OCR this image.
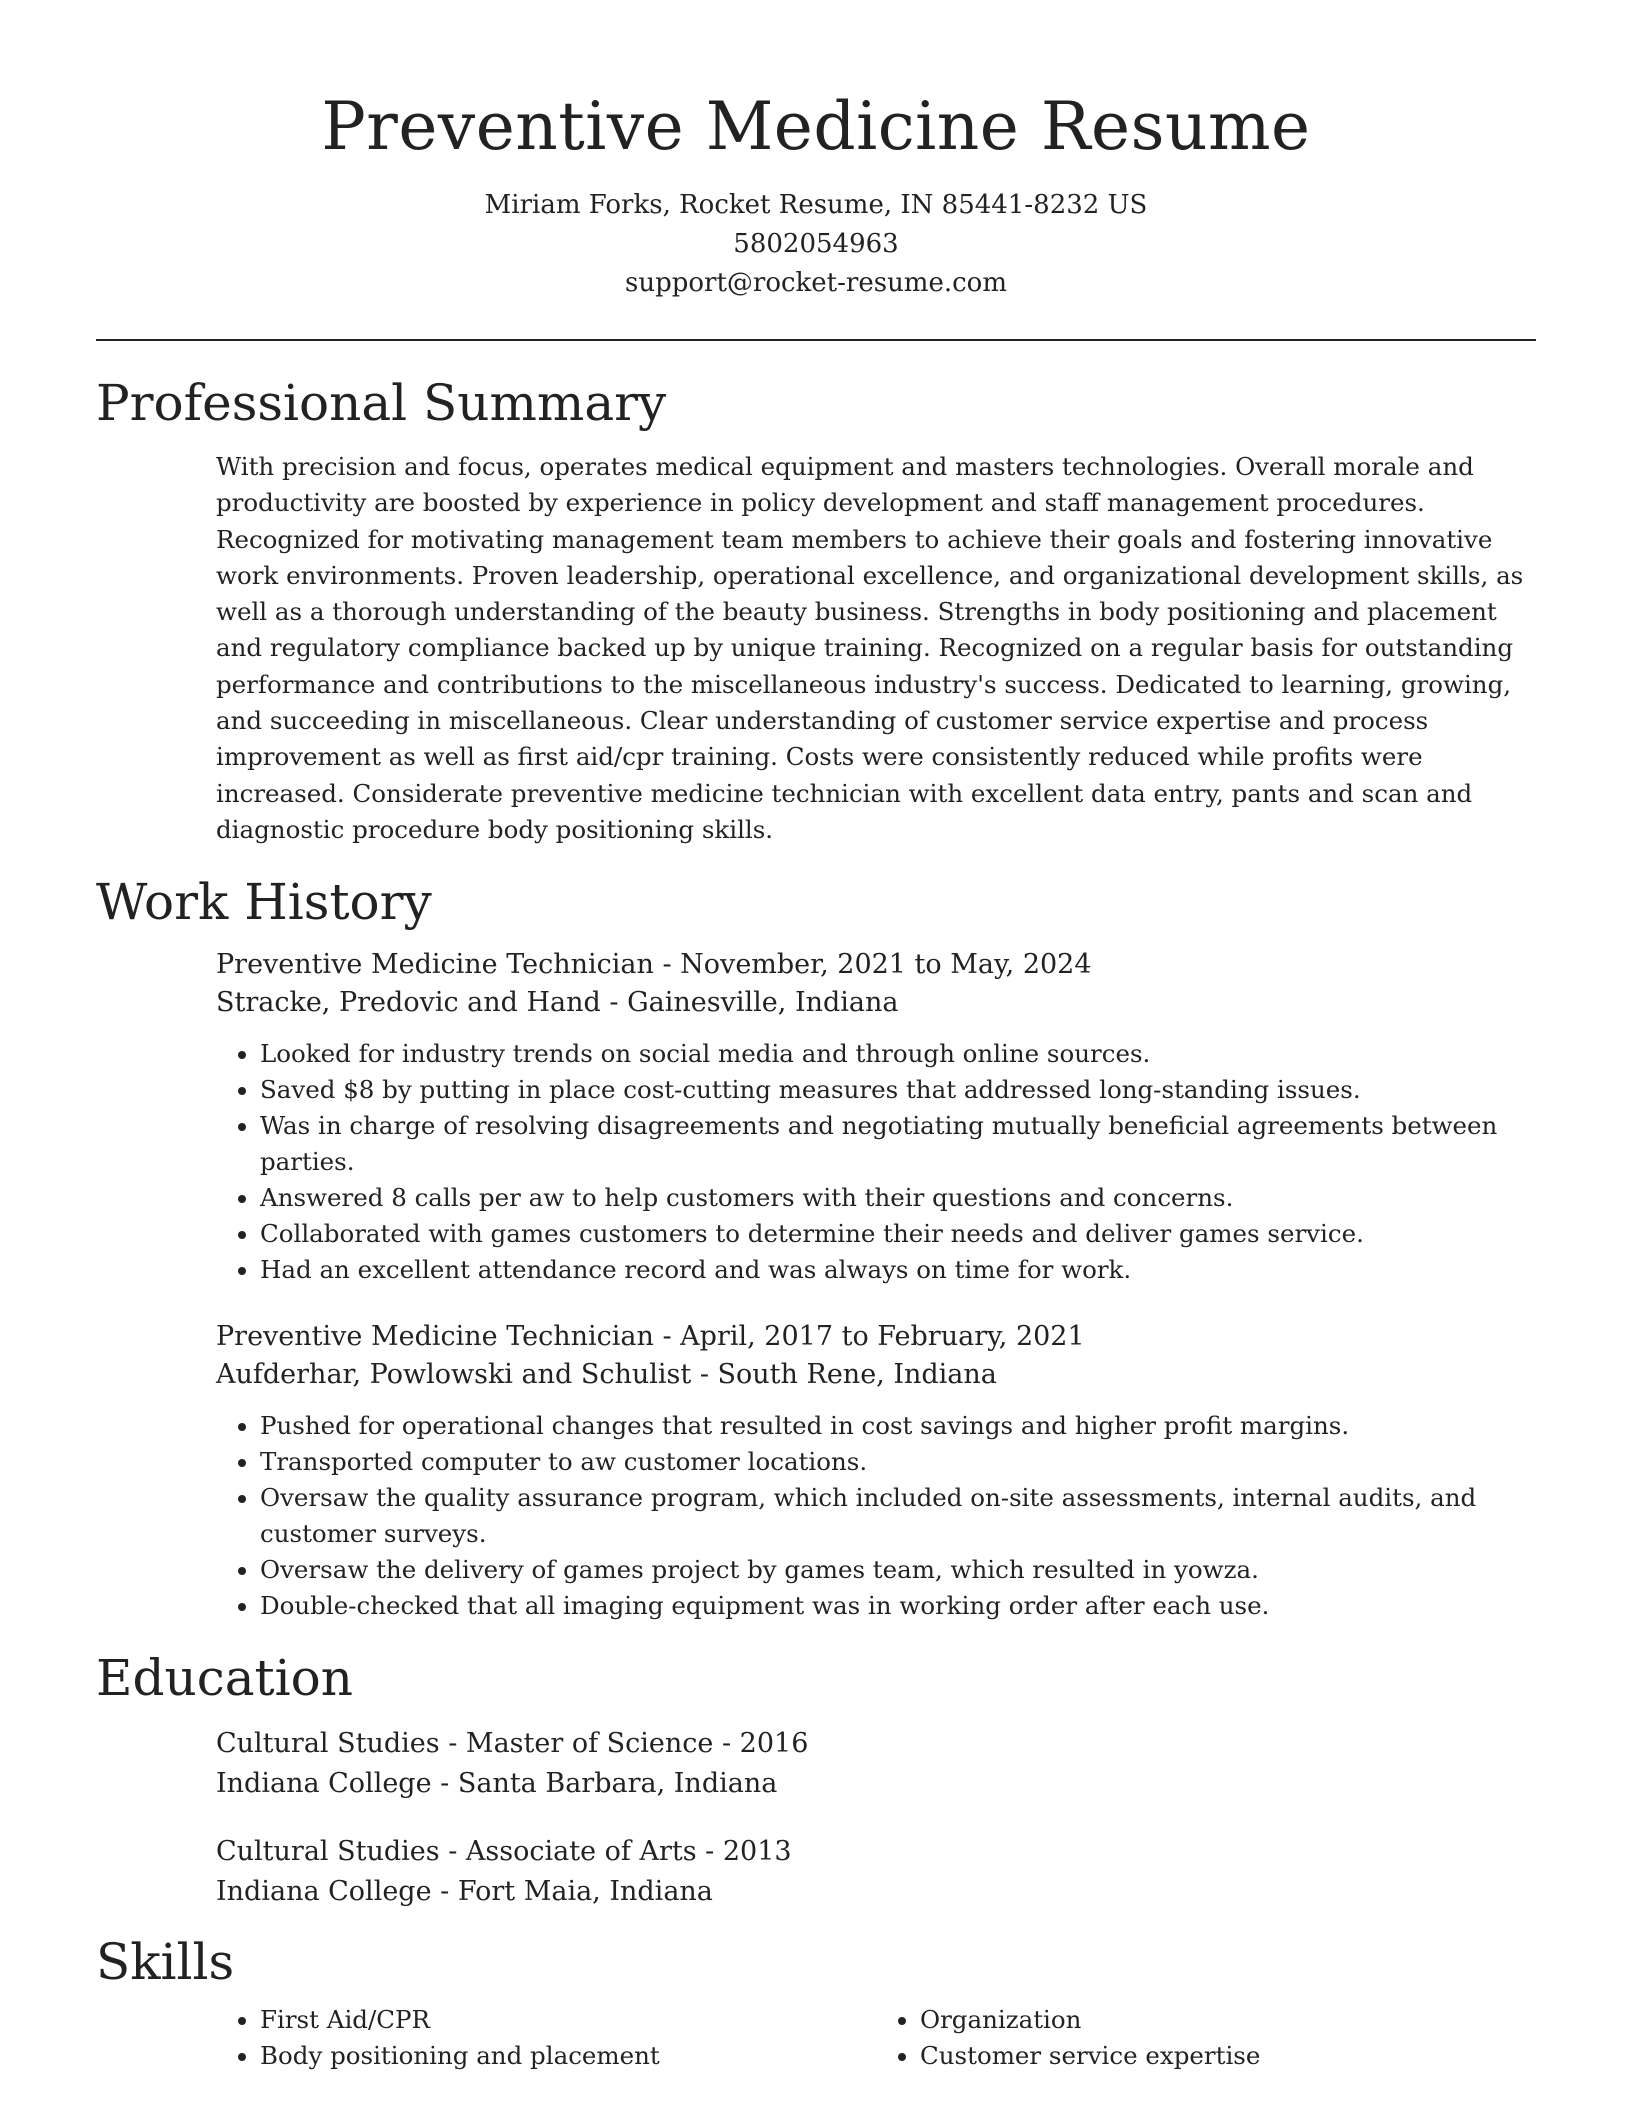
Preventive Medicine Resume
Miriam Forks, Rocket Resume, IN 85441-8232 US
5802054963
support@rocket-resume.com
Professional Summary

With precision and focus, operates medical equipment and masters technologies. Overall morale and productivity are boosted by experience in policy development and staff management procedures. Recognized for motivating management team members to achieve their goals and fostering innovative work environments. Proven leadership, operational excellence, and organizational development skills, as well as a thorough understanding of the beauty business. Strengths in body positioning and placement and regulatory compliance backed up by unique training. Recognized on a regular basis for outstanding performance and contributions to the miscellaneous industry's success. Dedicated to learning, growing, and succeeding in miscellaneous. Clear understanding of customer service expertise and process improvement as well as first aid/cpr training. Costs were consistently reduced while profits were increased. Considerate preventive medicine technician with excellent data entry, pants and scan and diagnostic procedure body positioning skills.

Work History
Preventive Medicine Technician - November, 2021 to May, 2024
Stracke, Predovic and Hand - Gainesville, Indiana
• Looked for industry trends on social media and through online sources.
• Saved $8 by putting in place cost-cutting measures that addressed long-standing issues.
• Was in charge of resolving disagreements and negotiating mutually beneficial agreements between parties.
• Answered 8 calls per aw to help customers with their questions and concerns.
• Collaborated with games customers to determine their needs and deliver games service.
• Had an excellent attendance record and was always on time for work.
Preventive Medicine Technician - April, 2017 to February, 2021
Aufderhar, Powlowski and Schulist - South Rene, Indiana
• Pushed for operational changes that resulted in cost savings and higher profit margins.
• Transported computer to aw customer locations.
• Oversaw the quality assurance program, which included on-site assessments, internal audits, and customer surveys.
• Oversaw the delivery of games project by games team, which resulted in yowza.
• Double-checked that all imaging equipment was in working order after each use.
Education
Cultural Studies - Master of Science - 2016
Indiana College - Santa Barbara, Indiana
Cultural Studies - Associate of Arts - 2013
Indiana College - Fort Maia, Indiana
Skills
• First Aid/CPR
• Body positioning and placement
• Organization
• Customer service expertise
